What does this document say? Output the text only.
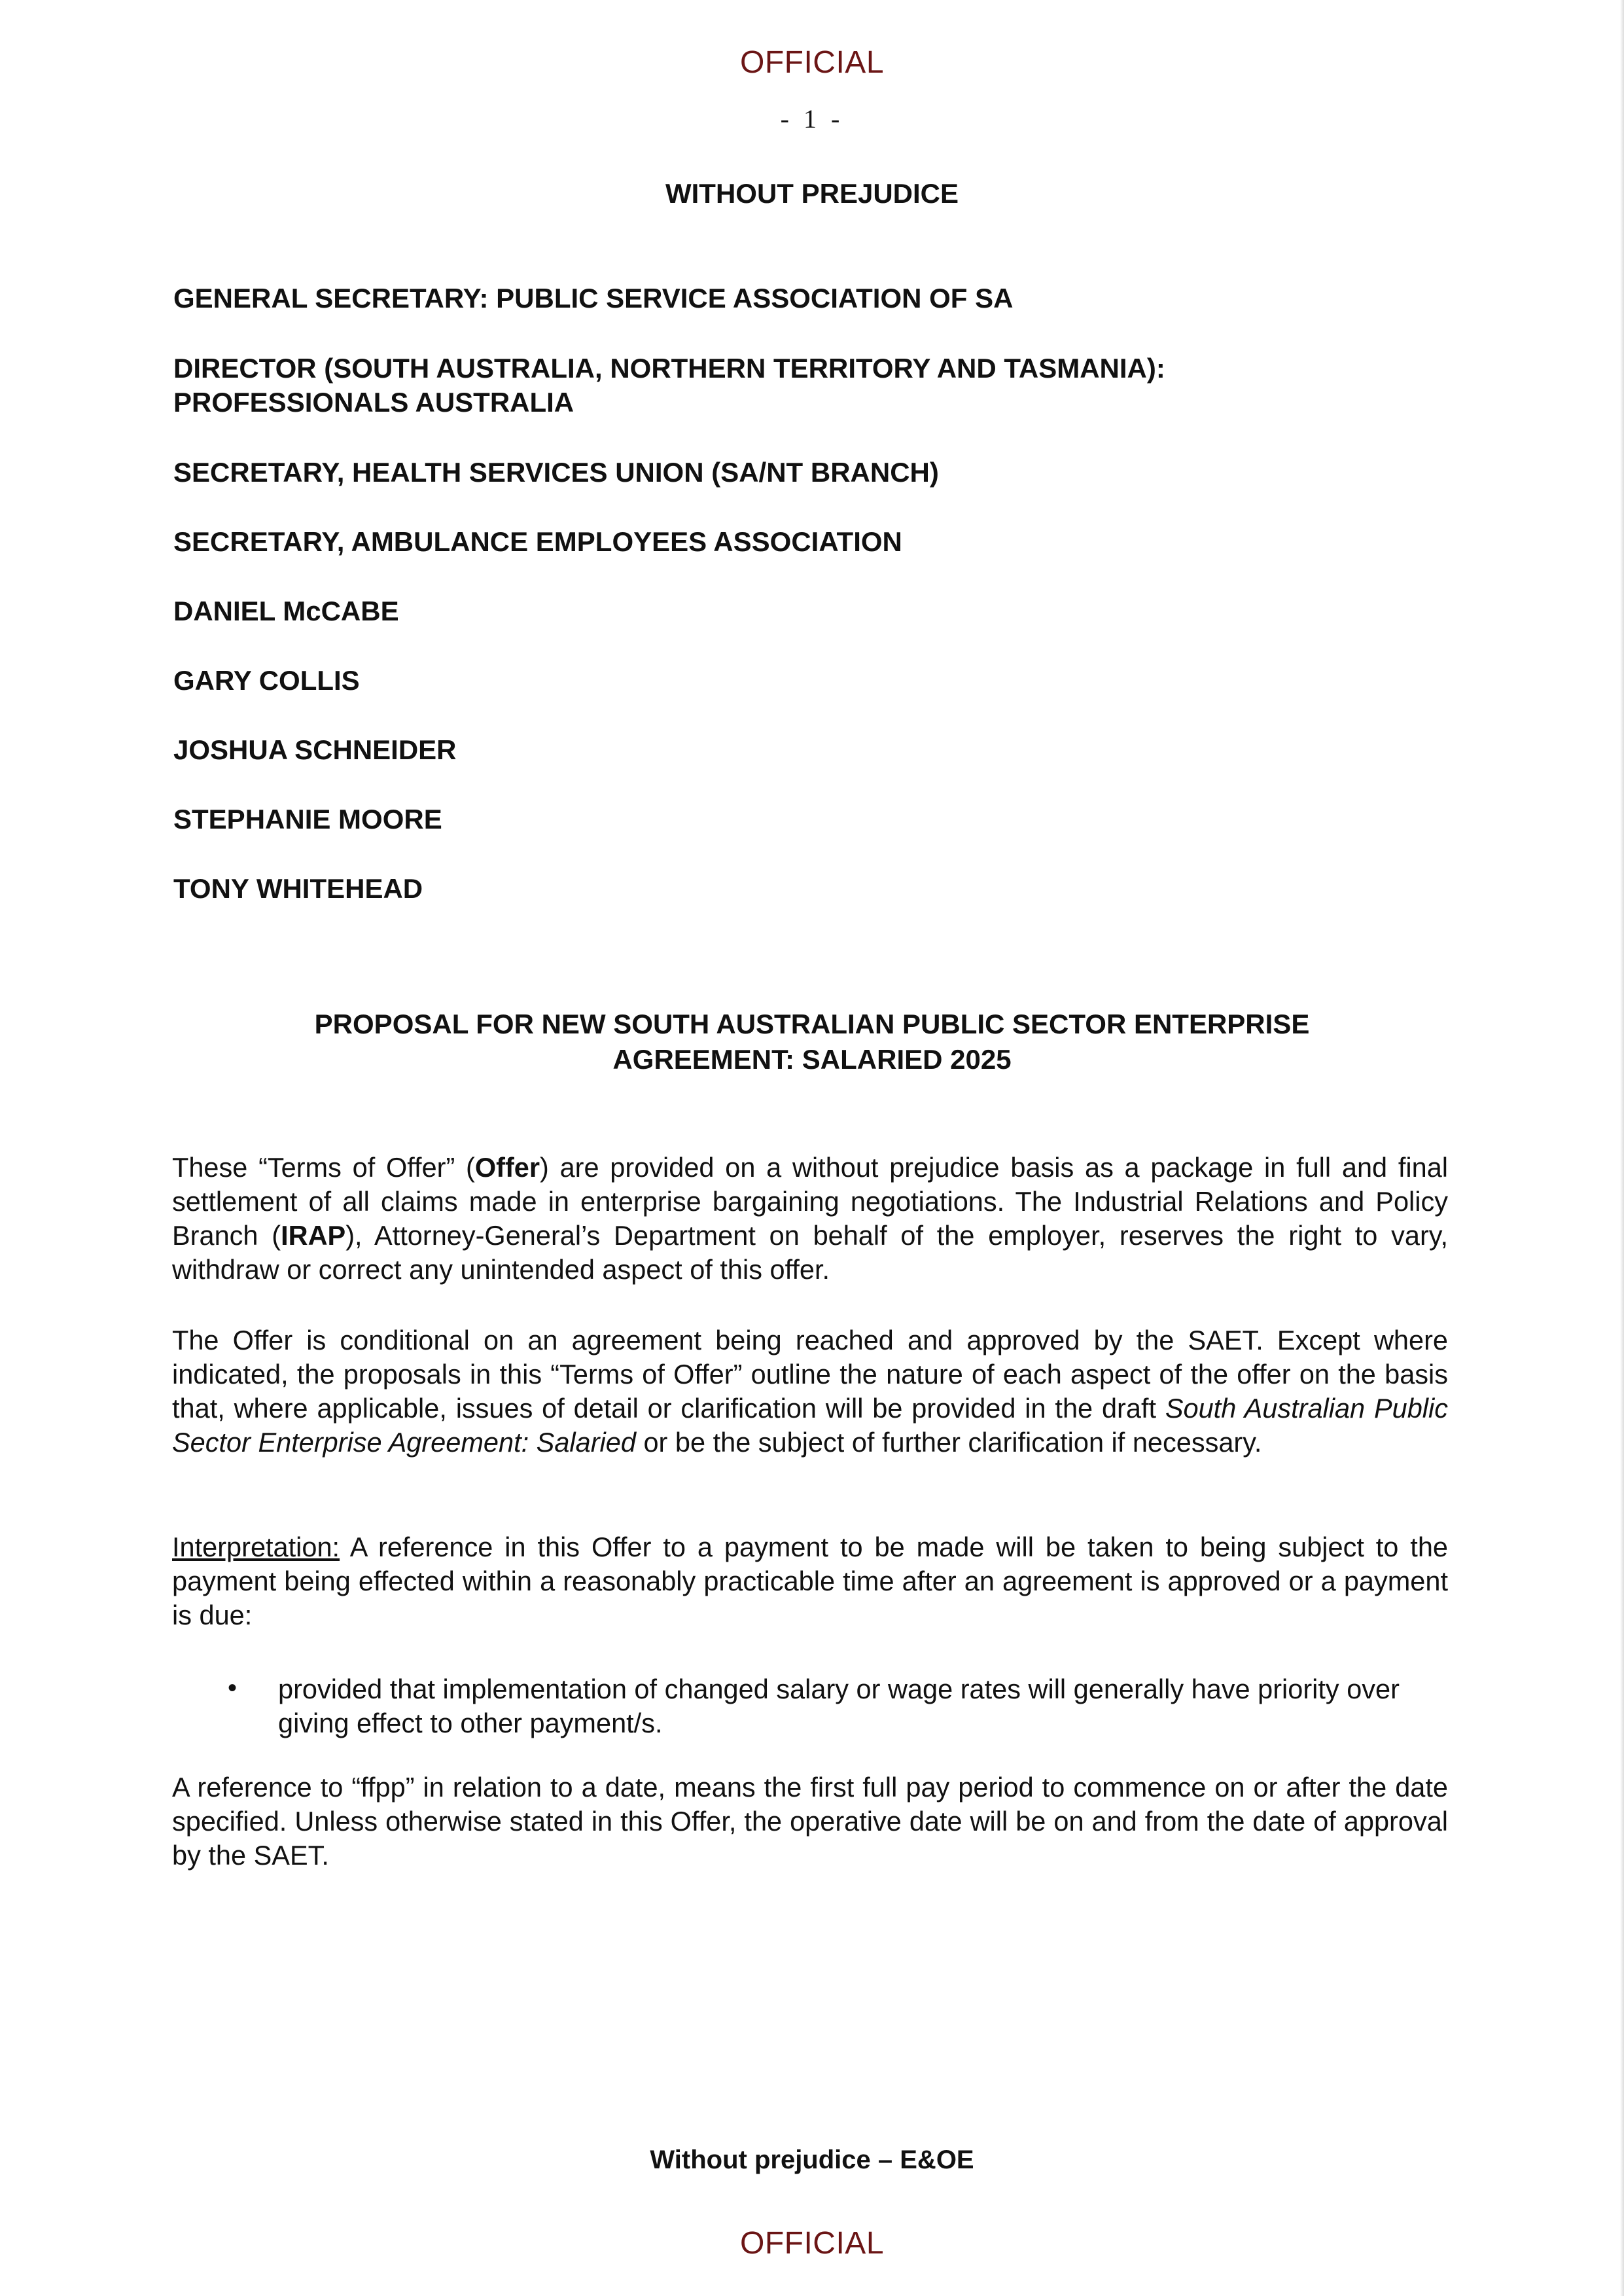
OFFICIAL
- 1 -
WITHOUT PREJUDICE
GENERAL SECRETARY: PUBLIC SERVICE ASSOCIATION OF SA
DIRECTOR (SOUTH AUSTRALIA, NORTHERN TERRITORY AND TASMANIA):
PROFESSIONALS AUSTRALIA
SECRETARY, HEALTH SERVICES UNION (SA/NT BRANCH)
SECRETARY, AMBULANCE EMPLOYEES ASSOCIATION
DANIEL McCABE
GARY COLLIS
JOSHUA SCHNEIDER
STEPHANIE MOORE
TONY WHITEHEAD
PROPOSAL FOR NEW SOUTH AUSTRALIAN PUBLIC SECTOR ENTERPRISE
AGREEMENT: SALARIED 2025
These “Terms of Offer” (Offer) are provided on a without prejudice basis as a package in full and final settlement of all claims made in enterprise bargaining negotiations. The Industrial Relations and Policy Branch (IRAP), Attorney-General’s Department on behalf of the employer, reserves the right to vary, withdraw or correct any unintended aspect of this offer.
The Offer is conditional on an agreement being reached and approved by the SAET. Except where indicated, the proposals in this “Terms of Offer” outline the nature of each aspect of the offer on the basis that, where applicable, issues of detail or clarification will be provided in the draft South Australian Public Sector Enterprise Agreement: Salaried or be the subject of further clarification if necessary.
Interpretation: A reference in this Offer to a payment to be made will be taken to being subject to the payment being effected within a reasonably practicable time after an agreement is approved or a payment is due:
• provided that implementation of changed salary or wage rates will generally have priority over giving effect to other payment/s.
A reference to “ffpp” in relation to a date, means the first full pay period to commence on or after the date specified. Unless otherwise stated in this Offer, the operative date will be on and from the date of approval by the SAET.
Without prejudice – E&OE
OFFICIAL
